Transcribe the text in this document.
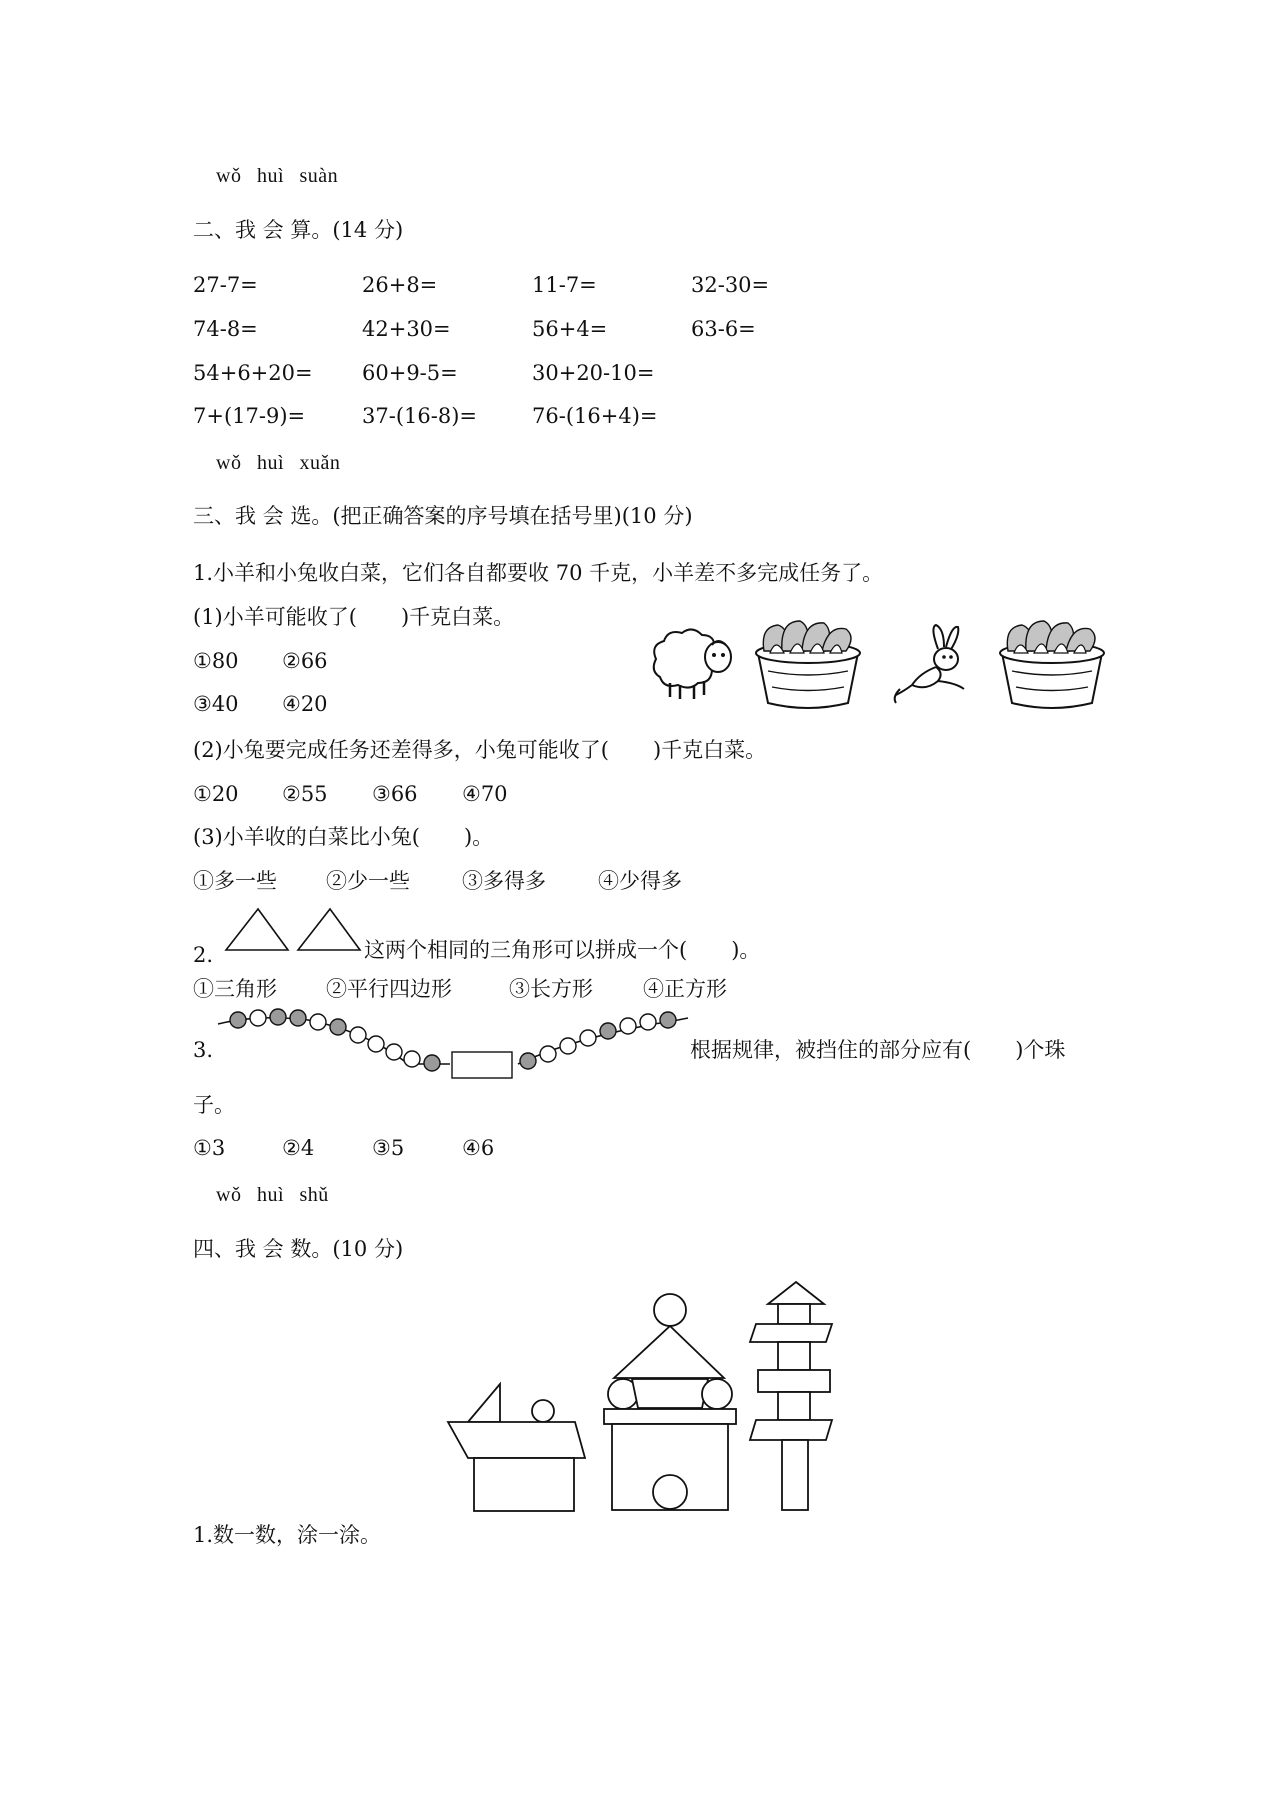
wǒ huì suàn
二、我 会 算。(14 分)
27-7=	26+8=	11-7=	32-30=
74-8=	42+30=	56+4=	63-6=
54+6+20= 60+9-5=	30+20-10=
7+(17-9)=	37-(16-8)=	76-(16+4)=
wǒ huì xuǎn
三、我 会 选。(把正确答案的序号填在括号里)(10 分)
1.小羊和小兔收白菜，它们各自都要收 70 千克，小羊差不多完成任务了。
(1)小羊可能收了( )千克白菜。
①80 ②66
③40 ④20
(2)小兔要完成任务还差得多，小兔可能收了( )千克白菜。
①20 ②55 ③66 ④70
(3)小羊收的白菜比小兔( )。
①多一些 ②少一些 ③多得多 ④少得多
2.	这两个相同的三角形可以拼成一个( )。
①三角形 ②平行四边形	③长方形 ④正方形
3.	根据规律，被挡住的部分应有( )个珠
子。
①3	②4	③5	④6
wǒ huì shǔ
四、我 会 数。(10 分)
1.数一数，涂一涂。
